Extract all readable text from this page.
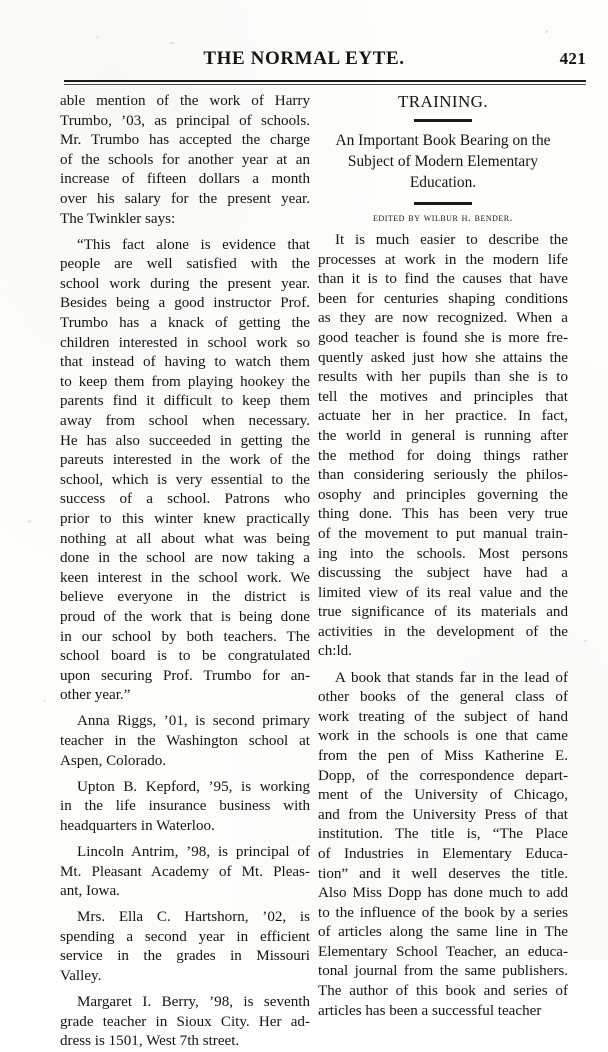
THE NORMAL EYTE.	421
able mention of the work of Harry
Trumbo, ’03, as principal of schools.
Mr. Trumbo has accepted the charge
of the schools for another year at an
increase of fifteen dollars a month
over his salary for the present year.
The Twinkler says:
“This fact alone is evidence that
people are well satisfied with the
school work during the present year.
Besides being a good instructor Prof.
Trumbo has a knack of getting the
children interested in school work so
that instead of having to watch them
to keep them from playing hookey the
parents find it difficult to keep them
away from school when necessary.
He has also succeeded in getting the
pareuts interested in the work of the
school, which is very essential to the
success of a school. Patrons who
prior to this winter knew practically
nothing at all about what was being
done in the school are now taking a
keen interest in the school work. We
believe everyone in the district is
proud of the work that is being done
in our school by both teachers. The
school board is to be congratulated
upon securing Prof. Trumbo for an-
other year.”
Anna Riggs, ’01, is second primary
teacher in the Washington school at
Aspen, Colorado.
Upton B. Kepford, ’95, is working
in the life insurance business with
headquarters in Waterloo.
Lincoln Antrim, ’98, is principal of
Mt. Pleasant Academy of Mt. Pleas-
ant, Iowa.
Mrs. Ella C. Hartshorn, ’02, is
spending a second year in efficient
service in the grades in Missouri
Valley.
Margaret I. Berry, ’98, is seventh
grade teacher in Sioux City. Her ad-
dress is 1501, West 7th street.
TRAINING.
An Important Book Bearing on the
Subject of Modern Elementary
Education.
edited by wilbur h. bender.
It is much easier to describe the
processes at work in the modern life
than it is to find the causes that have
been for centuries shaping conditions
as they are now recognized. When a
good teacher is found she is more fre-
quently asked just how she attains the
results with her pupils than she is to
tell the motives and principles that
actuate her in her practice. In fact,
the world in general is running after
the method for doing things rather
than considering seriously the philos-
osophy and principles governing the
thing done. This has been very true
of the movement to put manual train-
ing into the schools. Most persons
discussing the subject have had a
limited view of its real value and the
true significance of its materials and
activities in the development of the
ch:ld.
A book that stands far in the lead of
other books of the general class of
work treating of the subject of hand
work in the schools is one that came
from the pen of Miss Katherine E.
Dopp, of the correspondence depart-
ment of the University of Chicago,
and from the University Press of that
institution. The title is, “The Place
of Industries in Elementary Educa-
tion” and it well deserves the title.
Also Miss Dopp has done much to add
to the influence of the book by a series
of articles along the same line in The
Elementary School Teacher, an educa-
tonal journal from the same publishers.
The author of this book and series of
articles has been a successful teacher
